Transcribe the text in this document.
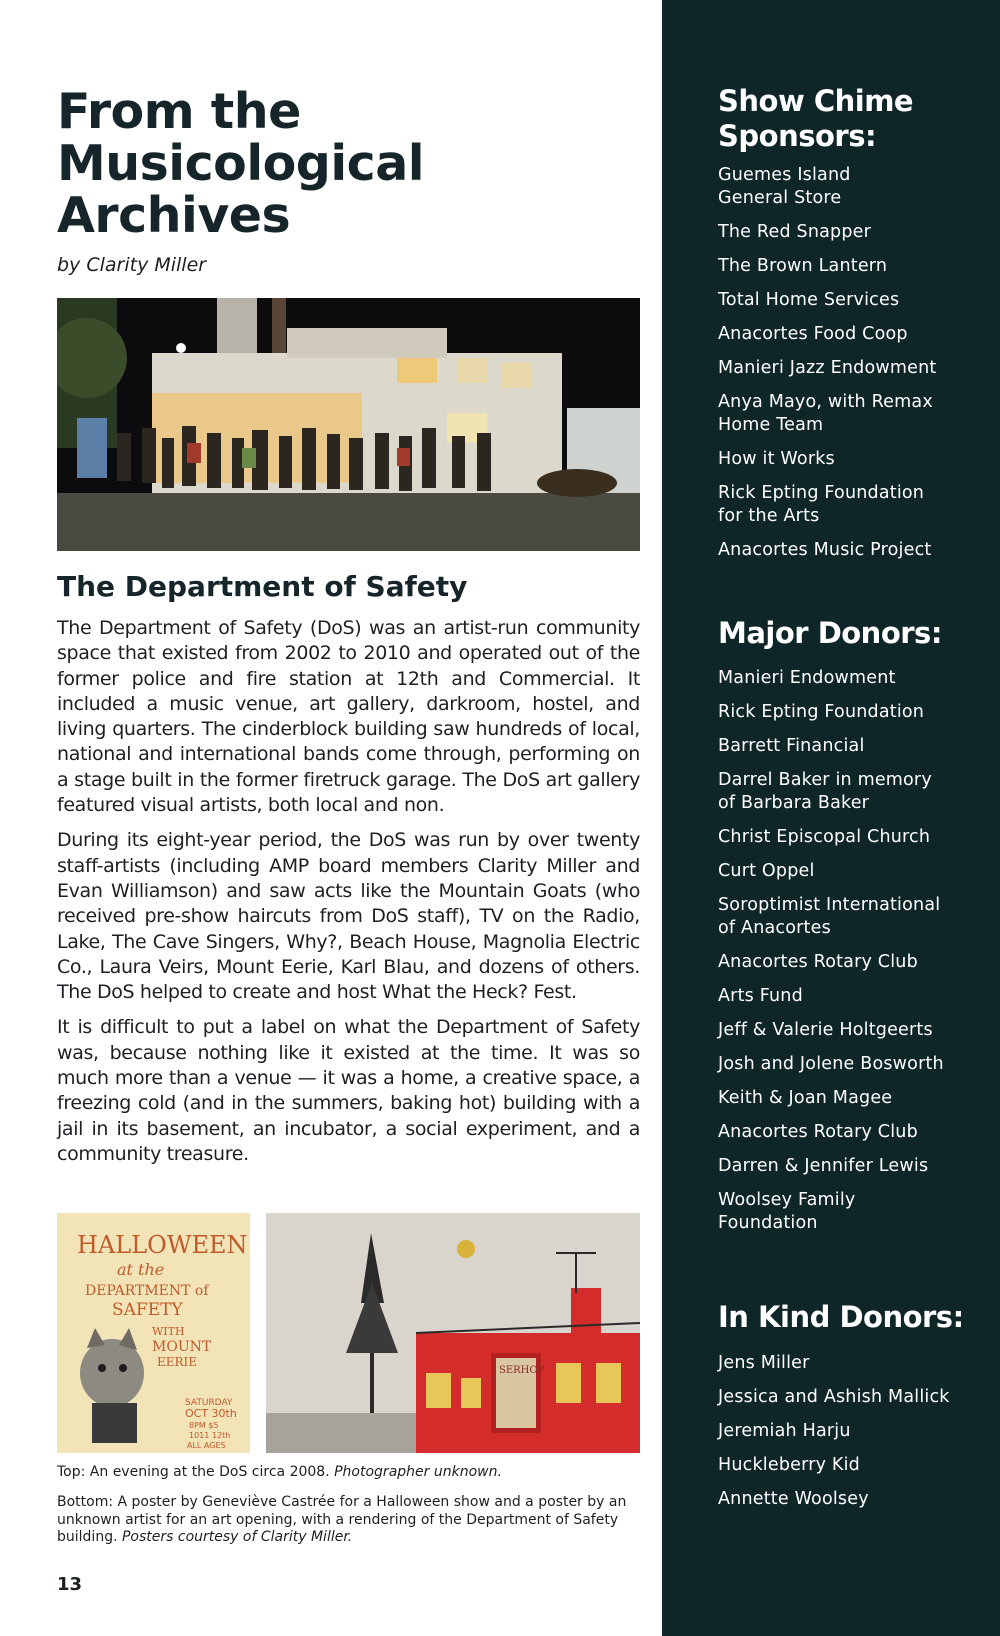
From the Musicological Archives
by Clarity Miller
The Department of Safety

The Department of Safety (DoS) was an artist-run community space that existed from 2002 to 2010 and operated out of the former police and fire station at 12th and Commercial. It included a music venue, art gallery, darkroom, hostel, and living quarters. The cinderblock building saw hundreds of local, national and international bands come through, performing on a stage built in the former firetruck garage. The DoS art gallery featured visual artists, both local and non.

During its eight-year period, the DoS was run by over twenty staff-artists (including AMP board members Clarity Miller and Evan Williamson) and saw acts like the Mountain Goats (who received pre-show haircuts from DoS staff), TV on the Radio, Lake, The Cave Singers, Why?, Beach House, Magnolia Electric Co., Laura Veirs, Mount Eerie, Karl Blau, and dozens of others. The DoS helped to create and host What the Heck? Fest.

It is difficult to put a label on what the Department of Safety was, because nothing like it existed at the time. It was so much more than a venue — it was a home, a creative space, a freezing cold (and in the summers, baking hot) building with a jail in its basement, an incubator, a social experiment, and a community treasure.

HALLOWEEN
at the
DEPARTMENT of
SAFETY
WITH
MOUNT
EERIE
SATURDAY
OCT 30th
8PM $5
1011 12th
ALL AGES
SERHOP
Top: An evening at the DoS circa 2008. Photographer unknown.
Bottom: A poster by Geneviève Castrée for a Halloween show and a poster by an unknown artist for an art opening, with a rendering of the Department of Safety building. Posters courtesy of Clarity Miller.
13
Show Chime Sponsors:
Guemes Island General Store
The Red Snapper
The Brown Lantern
Total Home Services
Anacortes Food Coop
Manieri Jazz Endowment
Anya Mayo, with Remax Home Team
How it Works
Rick Epting Foundation for the Arts
Anacortes Music Project
Major Donors:
Manieri Endowment
Rick Epting Foundation
Barrett Financial
Darrel Baker in memory of Barbara Baker
Christ Episcopal Church
Curt Oppel
Soroptimist International of Anacortes
Anacortes Rotary Club
Arts Fund
Jeff & Valerie Holtgeerts
Josh and Jolene Bosworth
Keith & Joan Magee
Anacortes Rotary Club
Darren & Jennifer Lewis
Woolsey Family Foundation
In Kind Donors:
Jens Miller
Jessica and Ashish Mallick
Jeremiah Harju
Huckleberry Kid
Annette Woolsey
